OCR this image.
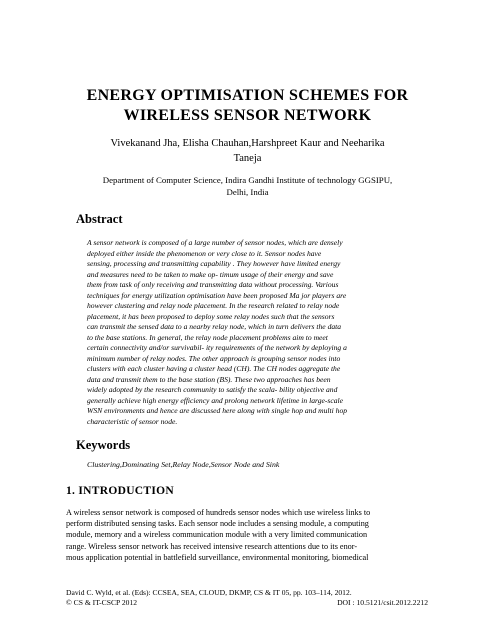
ENERGY OPTIMISATION SCHEMES FOR
WIRELESS SENSOR NETWORK
Vivekanand Jha, Elisha Chauhan,Harshpreet Kaur and Neeharika
Taneja
Department of Computer Science, Indira Gandhi Institute of technology GGSIPU,
Delhi, India
Abstract
A sensor network is composed of a large number of sensor nodes, which are densely
deployed either inside the phenomenon or very close to it. Sensor nodes have
sensing, processing and transmitting capability . They however have limited energy
and measures need to be taken to make op- timum usage of their energy and save
them from task of only receiving and transmitting data without processing. Various
techniques for energy utilization optimisation have been proposed Ma jor players are
however clustering and relay node placement. In the research related to relay node
placement, it has been proposed to deploy some relay nodes such that the sensors
can transmit the sensed data to a nearby relay node, which in turn delivers the data
to the base stations. In general, the relay node placement problems aim to meet
certain connectivity and/or survivabil- ity requirements of the network by deploying a
minimum number of relay nodes. The other approach is grouping sensor nodes into
clusters with each cluster having a cluster head (CH). The CH nodes aggregate the
data and transmit them to the base station (BS). These two approaches has been
widely adopted by the research community to satisfy the scala- bility objective and
generally achieve high energy efficiency and prolong network lifetime in large-scale
WSN environments and hence are discussed here along with single hop and multi hop
characteristic of sensor node.
Keywords
Clustering,Dominating Set,Relay Node,Sensor Node and Sink
1. INTRODUCTION
A wireless sensor network is composed of hundreds sensor nodes which use wireless links to
perform distributed sensing tasks. Each sensor node includes a sensing module, a computing
module, memory and a wireless communication module with a very limited communication
range. Wireless sensor network has received intensive research attentions due to its enor-
mous application potential in battlefield surveillance, environmental monitoring, biomedical
David C. Wyld, et al. (Eds): CCSEA, SEA, CLOUD, DKMP, CS & IT 05, pp. 103–114, 2012.
© CS & IT-CSCP 2012	DOI : 10.5121/csit.2012.2212
